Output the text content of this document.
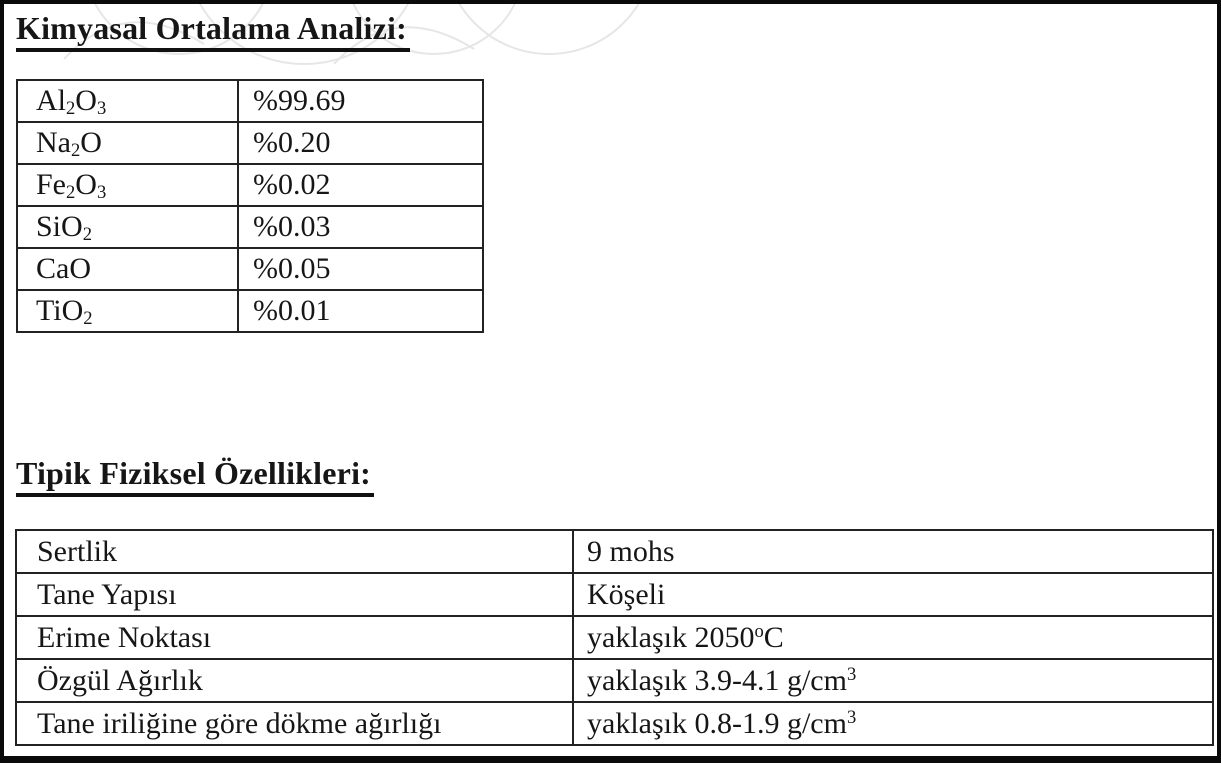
Kimyasal Ortalama Analizi:
$Al_2O_3$	%99.69
$Na_2O$	%0.20
$Fe_2O_3$	%0.02
SiO$_2$	%0.03
CaO	%0.05
TiO$_2$	%0.01
Tipik Fiziksel Özellikleri:
Sertlik	9 mohs
Tane Yapısı	Köşeli
Erime Noktası	yaklaşık 2050$^o$C
Özgül Ağırlık	yaklaşık 3.9-4.1 $g/cm^3$
Tane iriliğine göre dökme ağırlığı	yaklaşık 0.8-1.9 $g/cm^3$
